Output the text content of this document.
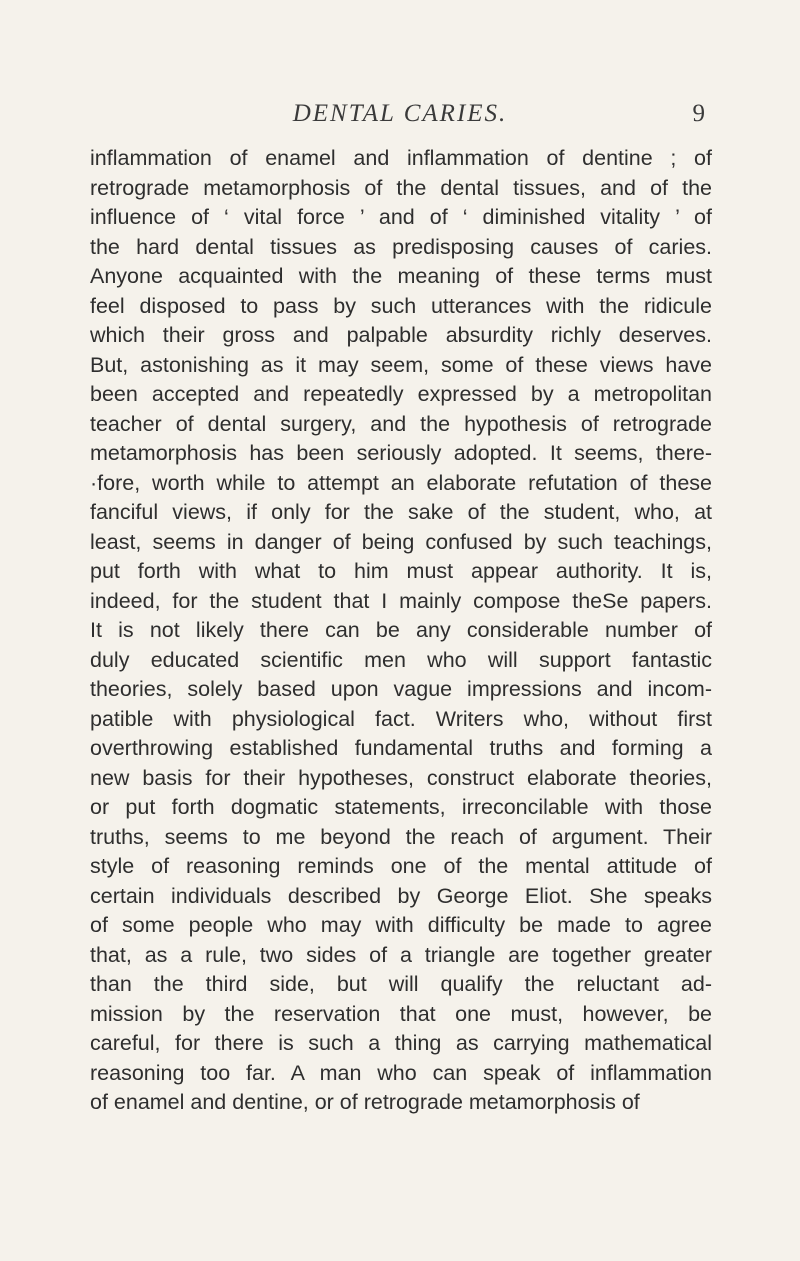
DENTAL CARIES.	9
inflammation of enamel and inflammation of dentine ; of
retrograde metamorphosis of the dental tissues, and of the
influence of ‘ vital force ’ and of ‘ diminished vitality ’ of
the hard dental tissues as predisposing causes of caries.
Anyone acquainted with the meaning of these terms must
feel disposed to pass by such utterances with the ridicule
which their gross and palpable absurdity richly deserves.
But, astonishing as it may seem, some of these views have
been accepted and repeatedly expressed by a metropolitan
teacher of dental surgery, and the hypothesis of retrograde
metamorphosis has been seriously adopted. It seems, there-
·fore, worth while to attempt an elaborate refutation of these
fanciful views, if only for the sake of the student, who, at
least, seems in danger of being confused by such teachings,
put forth with what to him must appear authority. It is,
indeed, for the student that I mainly compose theSe papers.
It is not likely there can be any considerable number of
duly educated scientific men who will support fantastic
theories, solely based upon vague impressions and incom-
patible with physiological fact. Writers who, without first
overthrowing established fundamental truths and forming a
new basis for their hypotheses, construct elaborate theories,
or put forth dogmatic statements, irreconcilable with those
truths, seems to me beyond the reach of argument. Their
style of reasoning reminds one of the mental attitude of
certain individuals described by George Eliot. She speaks
of some people who may with difficulty be made to agree
that, as a rule, two sides of a triangle are together greater
than the third side, but will qualify the reluctant ad-
mission by the reservation that one must, however, be
careful, for there is such a thing as carrying mathematical
reasoning too far. A man who can speak of inflammation
of enamel and dentine, or of retrograde metamorphosis of
